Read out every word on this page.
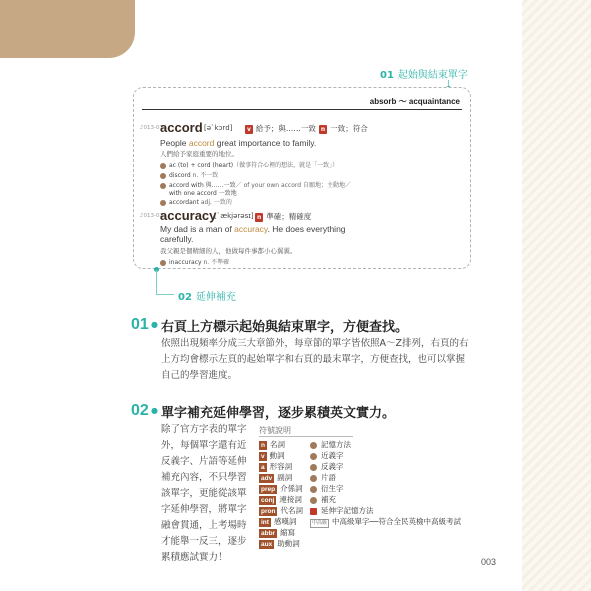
01 起始與結束單字
absorb ～ acquaintance
♪013-01
accord [ə`kɔrd]	v 給予；與……一致 n 一致；符合
People accord great importance to family.
人們給予家庭重要的地位。
ac (to) + cord (heart)（做事符合心裡的想法，就是「一致」）
discord n. 不一致
accord with 與……一致／ of your own accord 自願地；主動地／
with one accord 一致地
accordant adj. 一致的
♪013-02
accuracy
[`ækjərəsɪ] n 準確；精確度
My dad is a man of accuracy. He does everything
carefully.
我父親是個精細的人，他做每件事都小心翼翼。
inaccuracy n. 不準確
02 延伸補充
01 ● 右頁上方標示起始與結束單字，方便查找。
依照出現頻率分成三大章節外，每章節的單字皆依照A～Z排列，右頁的右
上方均會標示左頁的起始單字和右頁的最末單字，方便查找，也可以掌握
自己的學習進度。
02 ● 單字補充延伸學習，逐步累積英文實力。
除了官方字表的單字
外，每個單字還有近
反義字、片語等延伸
補充內容，不只學習
該單字，更能從該單
字延伸學習，將單字
融會貫通，上考場時
才能舉一反三，逐步
累積應試實力！
符號說明
n 名詞
v 動詞
a 形容詞
adv 副詞
prep 介係詞
conj 連接詞
pron 代名詞
int 感嘆詞
abbr 縮寫
aux 助動詞
記憶方法
近義字
反義字
片語
衍生字
補充
延伸字記憶方法
中高級 中高級單字──符合全民英檢中高級考試
003
